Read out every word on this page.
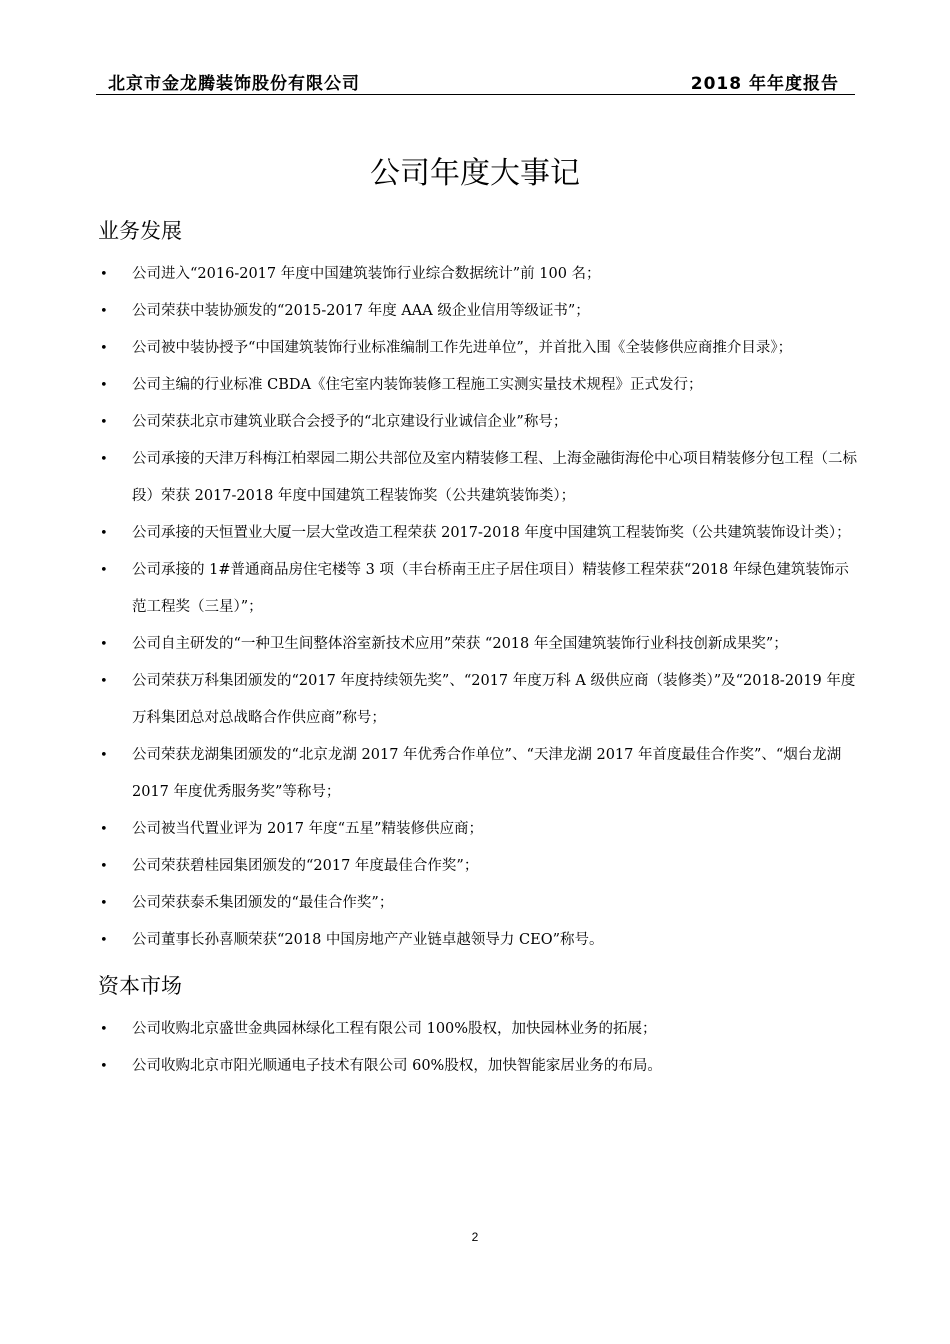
北京市金龙腾装饰股份有限公司	2018 年年度报告
公司年度大事记
业务发展
• 公司进入“2016-2017 年度中国建筑装饰行业综合数据统计”前 100 名；
• 公司荣获中装协颁发的“2015-2017 年度 AAA 级企业信用等级证书”；
• 公司被中装协授予“中国建筑装饰行业标准编制工作先进单位”，并首批入围《全装修供应商推介目录》；
• 公司主编的行业标准 CBDA《住宅室内装饰装修工程施工实测实量技术规程》正式发行；
• 公司荣获北京市建筑业联合会授予的“北京建设行业诚信企业”称号；
• 公司承接的天津万科梅江柏翠园二期公共部位及室内精装修工程、上海金融街海伦中心项目精装修分包工程（二标段）荣获 2017-2018 年度中国建筑工程装饰奖（公共建筑装饰类）；
• 公司承接的天恒置业大厦一层大堂改造工程荣获 2017-2018 年度中国建筑工程装饰奖（公共建筑装饰设计类）；
• 公司承接的 1#普通商品房住宅楼等 3 项（丰台桥南王庄子居住项目）精装修工程荣获“2018 年绿色建筑装饰示范工程奖（三星）”；
• 公司自主研发的“一种卫生间整体浴室新技术应用”荣获 “2018 年全国建筑装饰行业科技创新成果奖”；
• 公司荣获万科集团颁发的“2017 年度持续领先奖”、“2017 年度万科 A 级供应商（装修类）”及“2018-2019 年度万科集团总对总战略合作供应商”称号；
• 公司荣获龙湖集团颁发的“北京龙湖 2017 年优秀合作单位”、“天津龙湖 2017 年首度最佳合作奖”、“烟台龙湖 2017 年度优秀服务奖”等称号；
• 公司被当代置业评为 2017 年度“五星”精装修供应商；
• 公司荣获碧桂园集团颁发的“2017 年度最佳合作奖”；
• 公司荣获泰禾集团颁发的“最佳合作奖”；
• 公司董事长孙喜顺荣获“2018 中国房地产产业链卓越领导力 CEO”称号。
资本市场
• 公司收购北京盛世金典园林绿化工程有限公司 100%股权，加快园林业务的拓展；
• 公司收购北京市阳光顺通电子技术有限公司 60%股权，加快智能家居业务的布局。
2
